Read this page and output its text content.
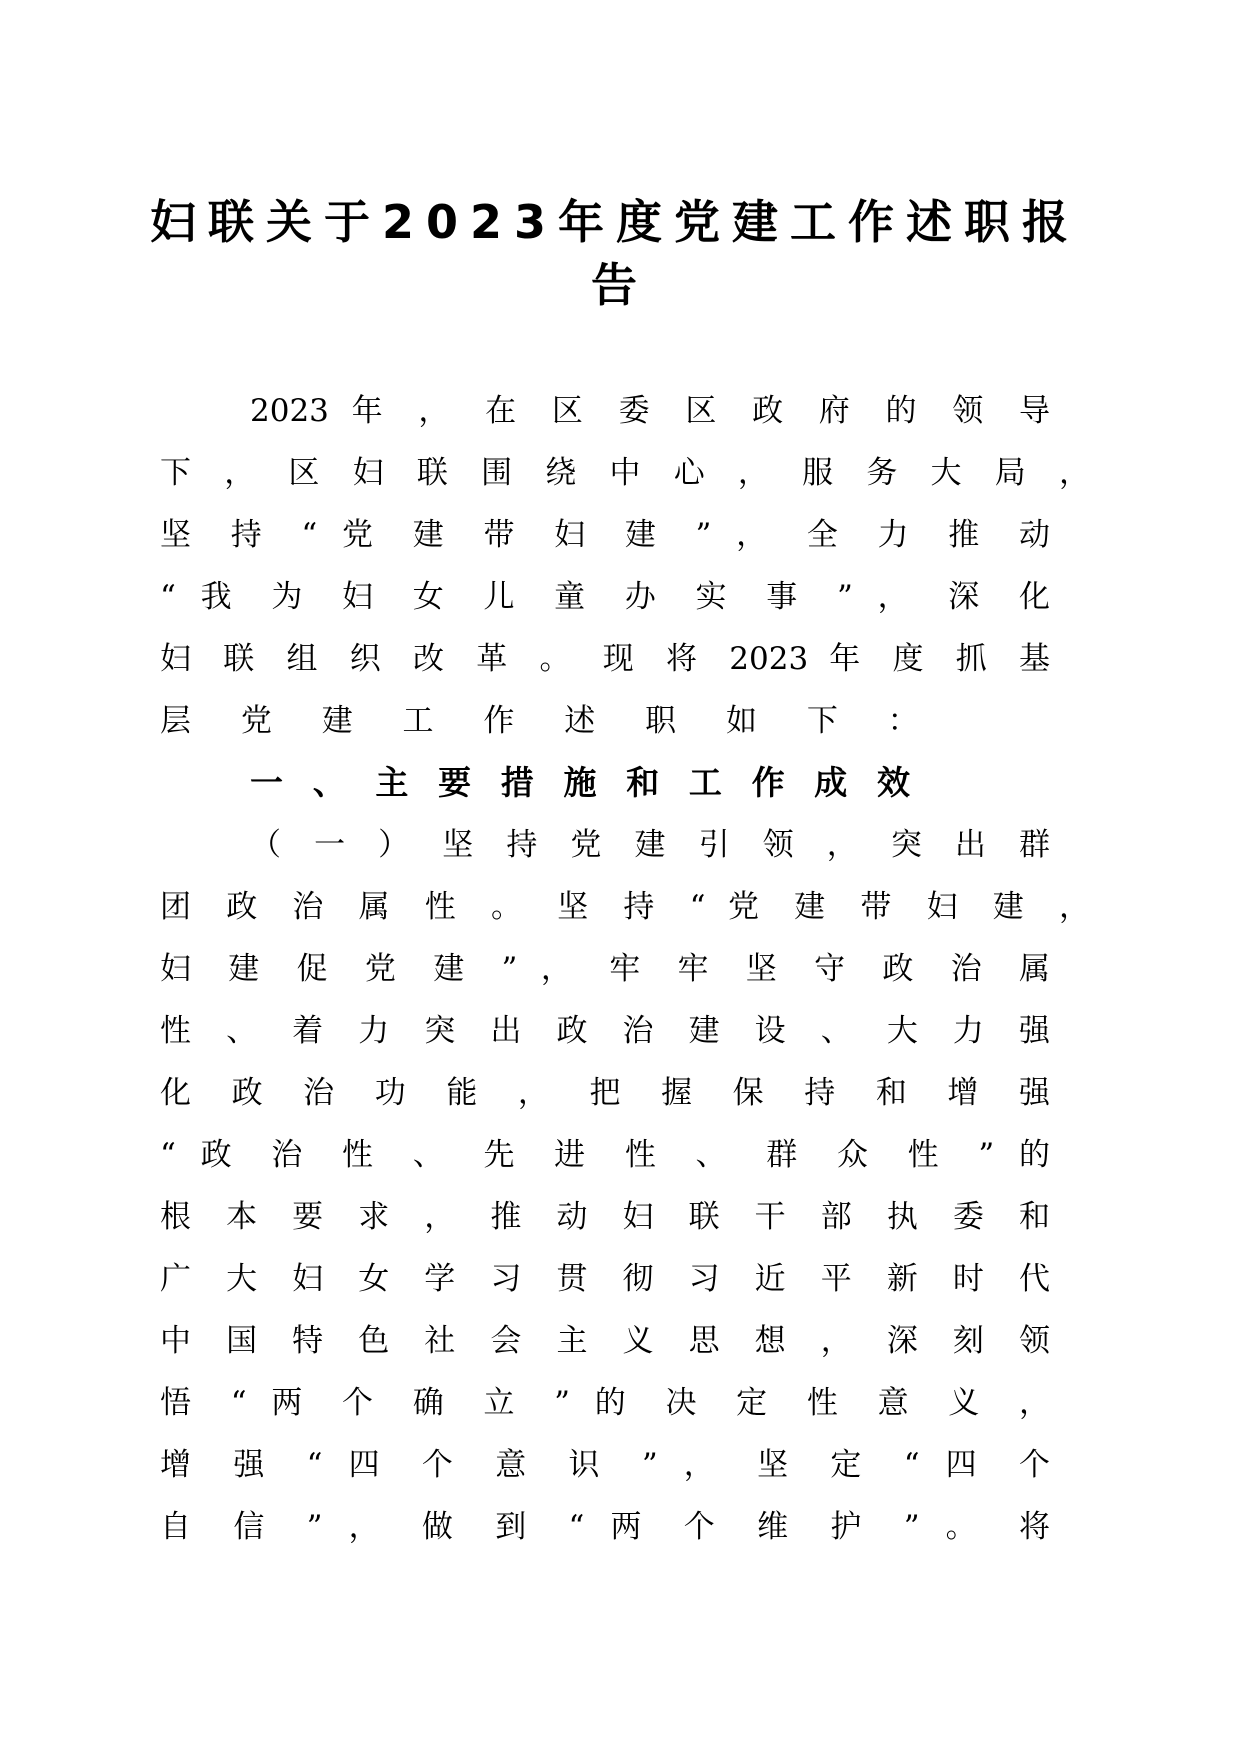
妇联关于2023年度党建工作述职报
告
2023 年 ， 在 区 委 区 政 府 的 领 导
下 ， 区 妇 联 围 绕 中 心 ， 服 务 大 局 ，
坚 持 “ 党 建 带 妇 建 ” ， 全 力 推 动
“ 我 为 妇 女 儿 童 办 实 事 ” ， 深 化
妇 联 组 织 改 革 。 现 将 2023 年 度 抓 基
层 党 建 工 作 述 职 如 下 ：
一 、 主 要 措 施 和 工 作 成 效
（ 一 ） 坚 持 党 建 引 领 ， 突 出 群
团 政 治 属 性 。 坚 持 “ 党 建 带 妇 建 ，
妇 建 促 党 建 ” ， 牢 牢 坚 守 政 治 属
性 、 着 力 突 出 政 治 建 设 、 大 力 强
化 政 治 功 能 ， 把 握 保 持 和 增 强
“ 政 治 性 、 先 进 性 、 群 众 性 ” 的
根 本 要 求 ， 推 动 妇 联 干 部 执 委 和
广 大 妇 女 学 习 贯 彻 习 近 平 新 时 代
中 国 特 色 社 会 主 义 思 想 ， 深 刻 领
悟 “ 两 个 确 立 ” 的 决 定 性 意 义 ，
增 强 “ 四 个 意 识 ” ， 坚 定 “ 四 个
自 信 ” ， 做 到 “ 两 个 维 护 ” 。 将
